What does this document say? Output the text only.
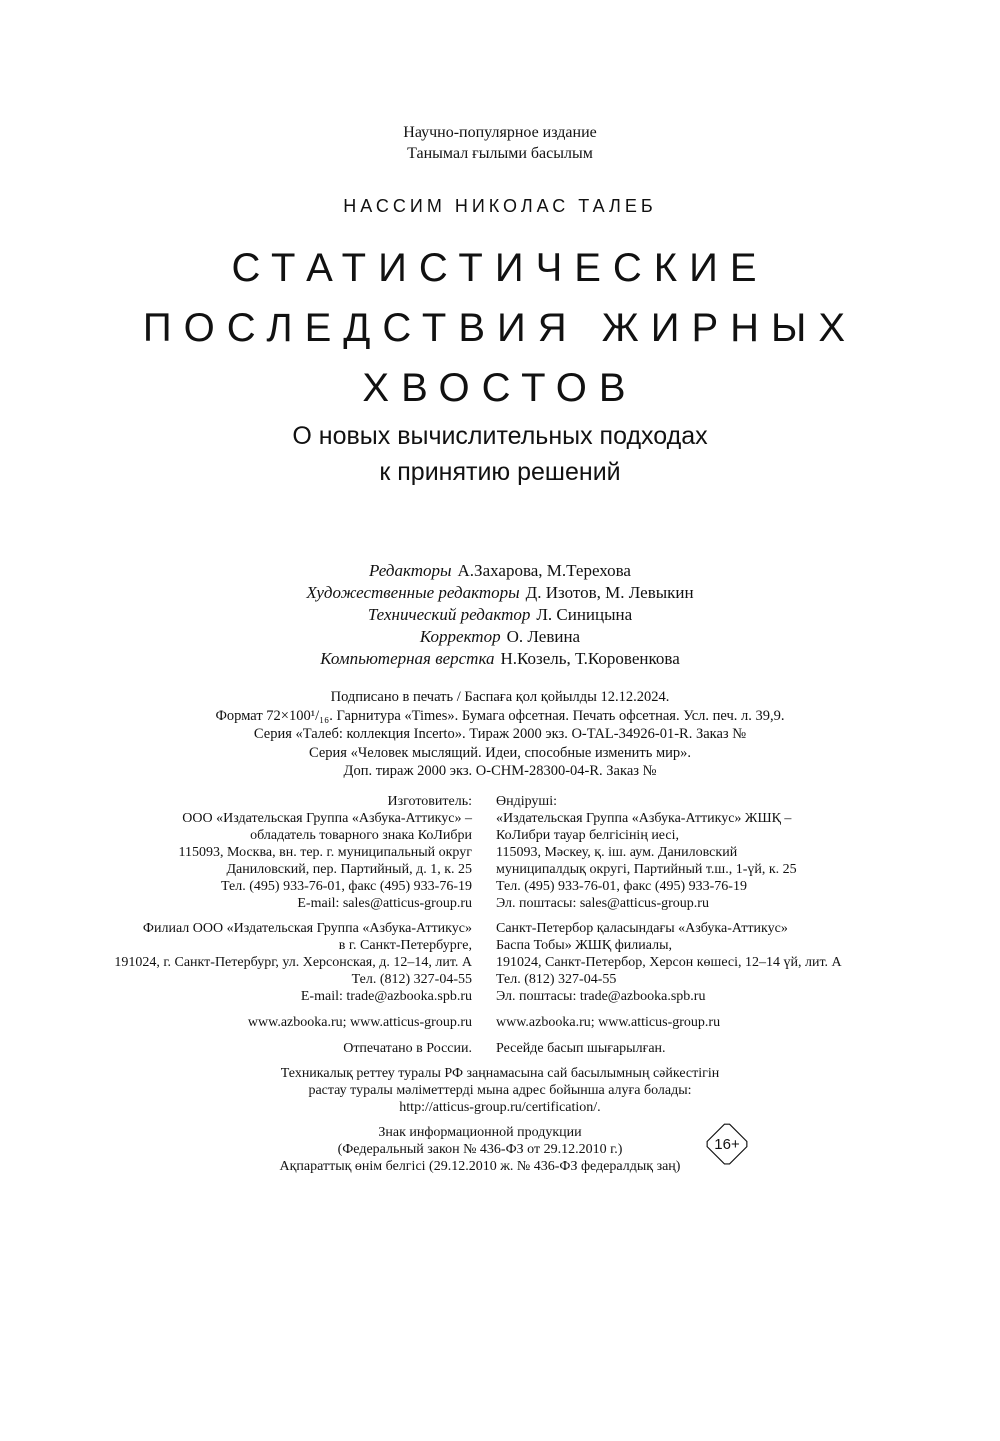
Научно-популярное издание
Танымал ғылыми басылым
НАССИМ НИКОЛАС ТАЛЕБ
СТАТИСТИЧЕСКИЕ
ПОСЛЕДСТВИЯ ЖИРНЫХ
ХВОСТОВ
О новых вычислительных подходах
к принятию решений
Редакторы А.Захарова, М.Терехова
Художественные редакторы Д. Изотов, М. Левыкин
Технический редактор Л. Синицына
Корректор О. Левина
Компьютерная верстка Н.Козель, Т.Коровенкова
Подписано в печать / Баспаға қол қойылды 12.12.2024.
Формат 72×100¹/₁₆. Гарнитура «Times». Бумага офсетная. Печать офсетная. Усл. печ. л. 39,9.
Серия «Талеб: коллекция Incerto». Тираж 2000 экз. O-TAL-34926-01-R. Заказ №
Серия «Человек мыслящий. Идеи, способные изменить мир».
Доп. тираж 2000 экз. O-CHM-28300-04-R. Заказ №
Изготовитель:
ООО «Издательская Группа «Азбука-Аттикус» –
обладатель товарного знака КоЛибри
115093, Москва, вн. тер. г. муниципальный округ
Даниловский, пер. Партийный, д. 1, к. 25
Тел. (495) 933-76-01, факс (495) 933-76-19
E-mail: sales@atticus-group.ru
Филиал ООО «Издательская Группа «Азбука-Аттикус»
в г. Санкт-Петербурге,
191024, г. Санкт-Петербург, ул. Херсонская, д. 12–14, лит. А
Тел. (812) 327-04-55
E-mail: trade@azbooka.spb.ru
www.azbooka.ru; www.atticus-group.ru
Отпечатано в России.
Өндіруші:
«Издательская Группа «Азбука-Аттикус» ЖШҚ –
КоЛибри тауар белгісінің иесі,
115093, Мәскеу, қ. іш. аум. Даниловский
муниципалдық округі, Партийный т.ш., 1-үй, к. 25
Тел. (495) 933-76-01, факс (495) 933-76-19
Эл. поштасы: sales@atticus-group.ru
Санкт-Петербор қаласындағы «Азбука-Аттикус»
Баспа Тобы» ЖШҚ филиалы,
191024, Санкт-Петербор, Херсон көшесі, 12–14 үй, лит. А
Тел. (812) 327-04-55
Эл. поштасы: trade@azbooka.spb.ru
www.azbooka.ru; www.atticus-group.ru
Ресейде басып шығарылған.
Техникалық реттеу туралы РФ заңнамасына сай басылымның сәйкестігін
растау туралы мәліметтерді мына адрес бойынша алуға болады:
http://atticus-group.ru/certification/.
Знак информационной продукции
(Федеральный закон № 436-ФЗ от 29.12.2010 г.)
Ақпараттық өнім белгісі (29.12.2010 ж. № 436-ФЗ федералдық заң)
16+
